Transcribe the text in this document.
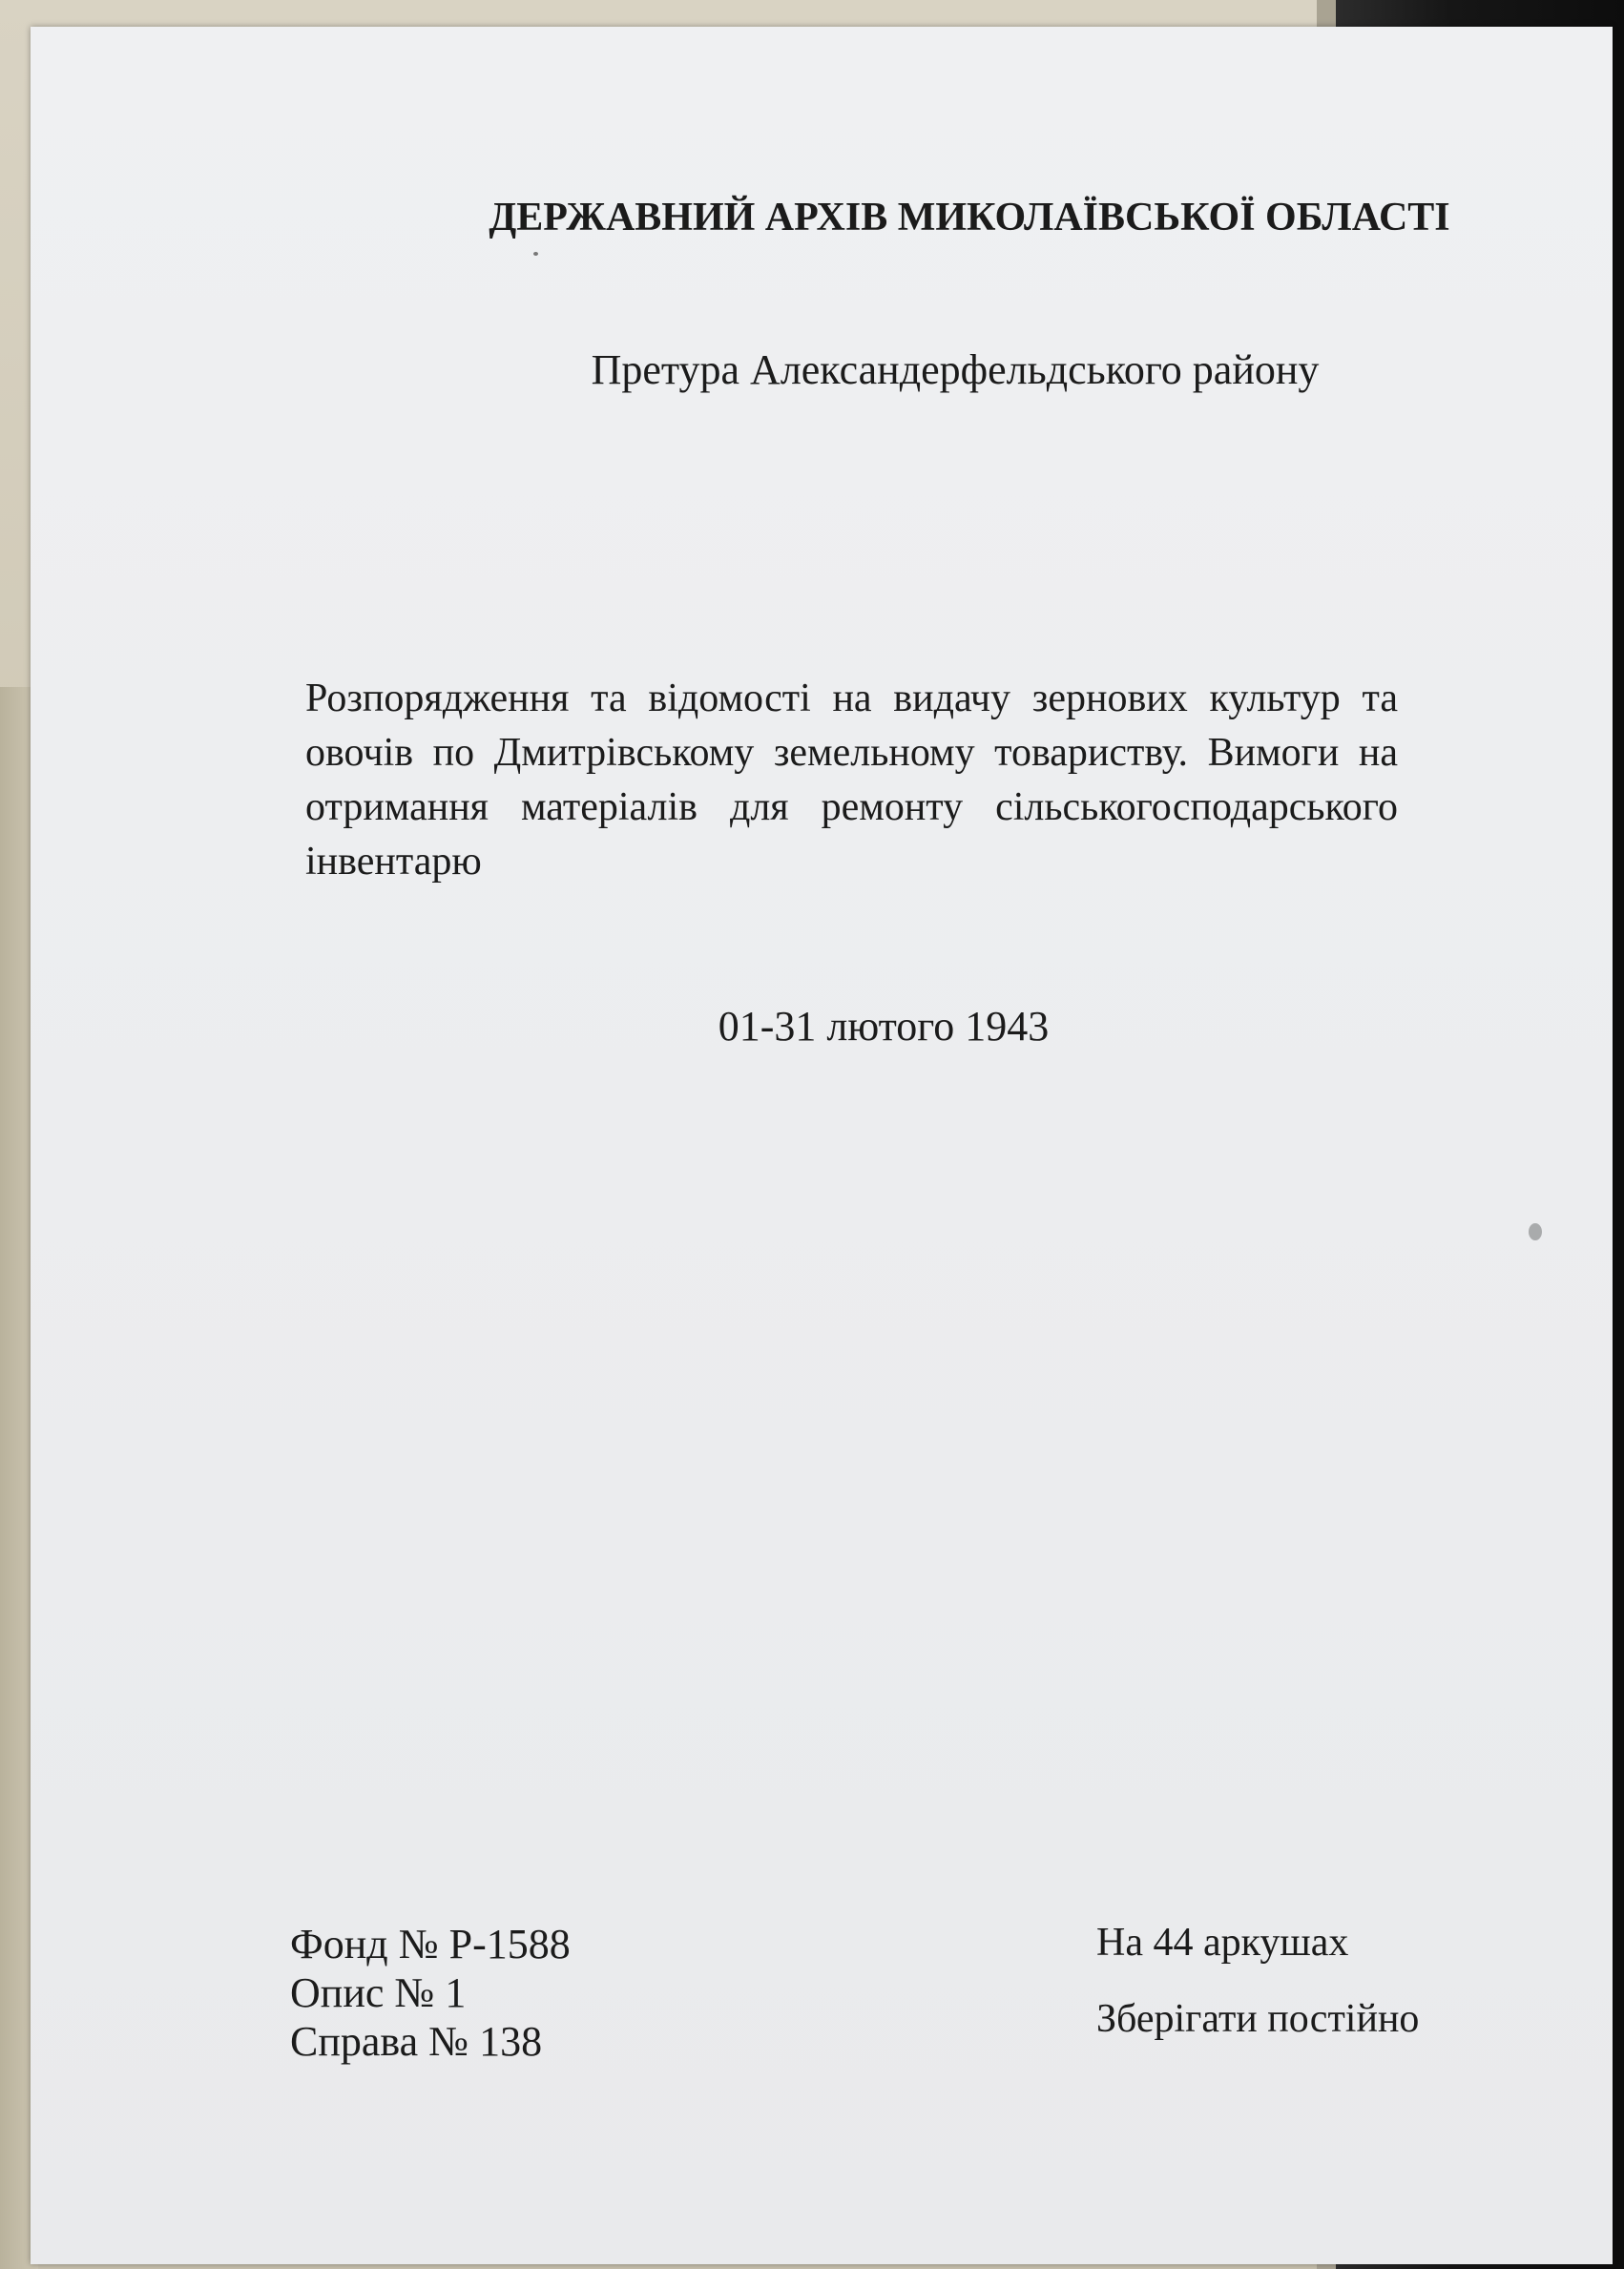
ДЕРЖАВНИЙ АРХІВ МИКОЛАЇВСЬКОЇ ОБЛАСТІ
Претура Александерфельдського району
Розпорядження та відомості на видачу зернових культур та овочів по Дмитрівському земельному товариству. Вимоги на отримання матеріалів для ремонту сільськогосподарського інвентарю
01-31 лютого 1943
Фонд № Р-1588
Опис № 1
Справа № 138
На 44 аркушах
Зберігати постійно
